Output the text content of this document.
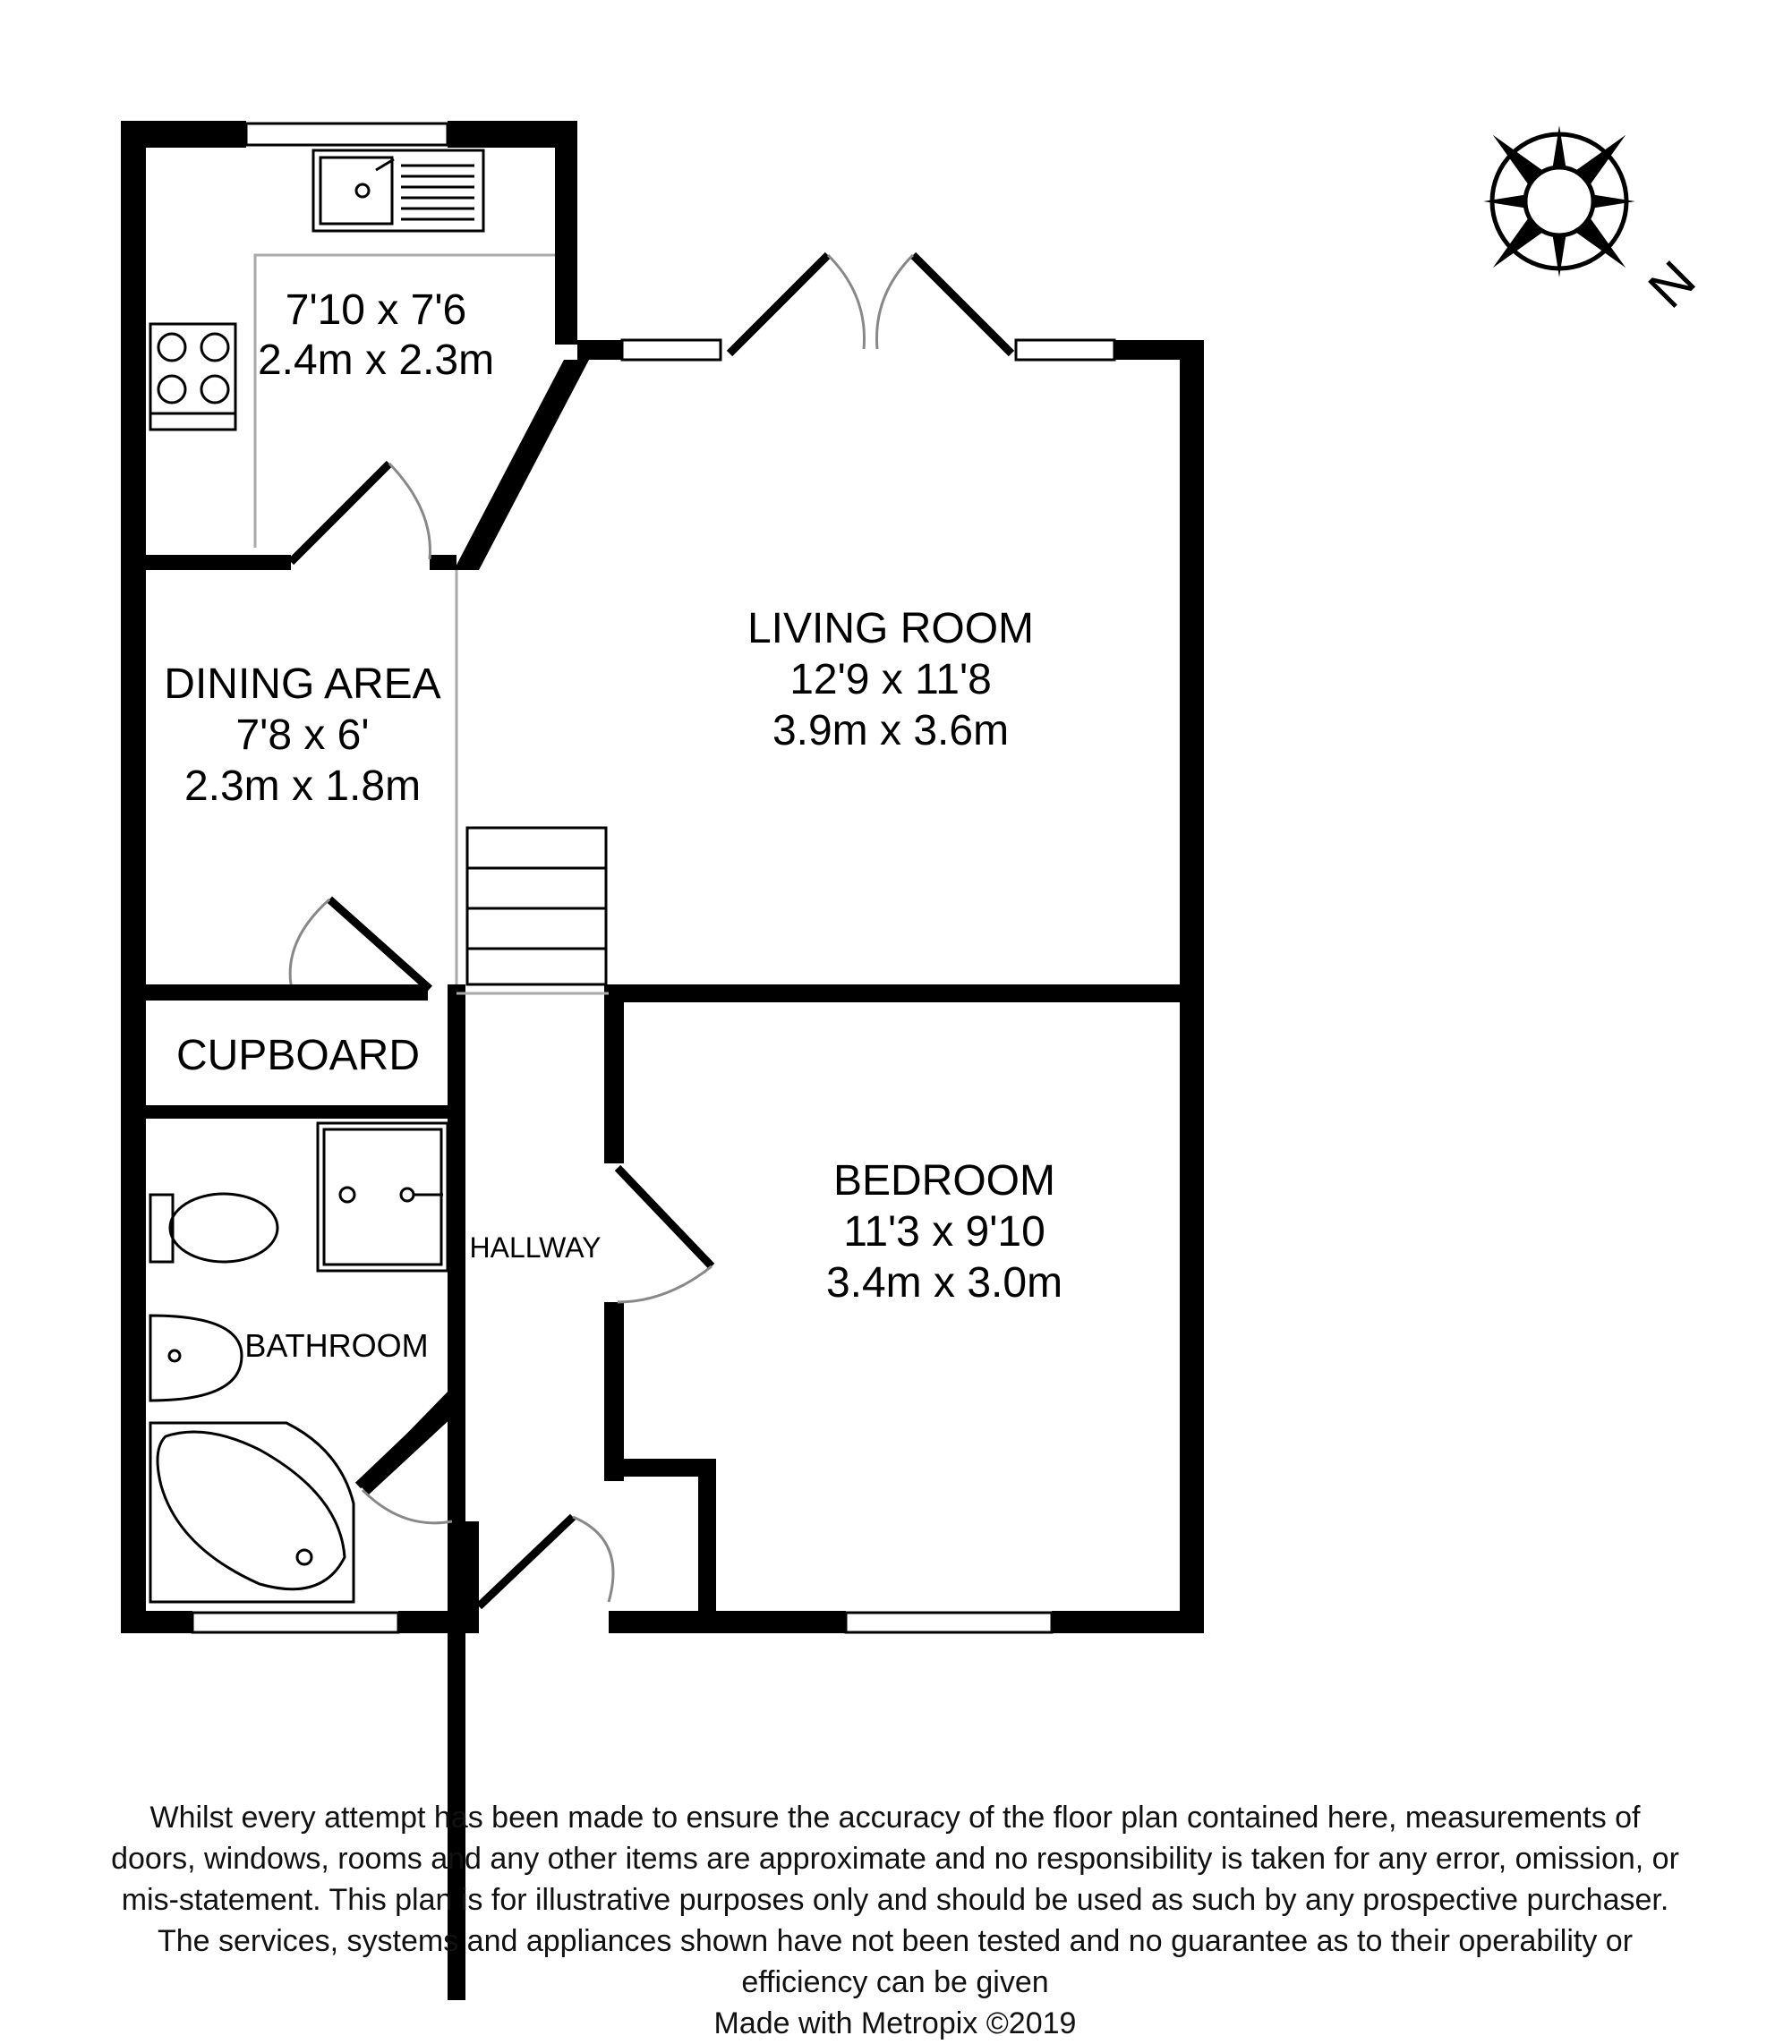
N
7'10 x 7'6
2.4m x 2.3m
LIVING ROOM
12'9 x 11'8
3.9m x 3.6m
DINING AREA
7'8 x 6'
2.3m x 1.8m
CUPBOARD
HALLWAY
BATHROOM
BEDROOM
11'3 x 9'10
3.4m x 3.0m

Whilst every attempt has been made to ensure the accuracy of the floor plan contained here, measurements of doors, windows, rooms and any other items are approximate and no responsibility is taken for any error, omission, or mis-statement. This plan is for illustrative purposes only and should be used as such by any prospective purchaser. The services, systems and appliances shown have not been tested and no guarantee as to their operability or efficiency can be given

Made with Metropix ©2019
